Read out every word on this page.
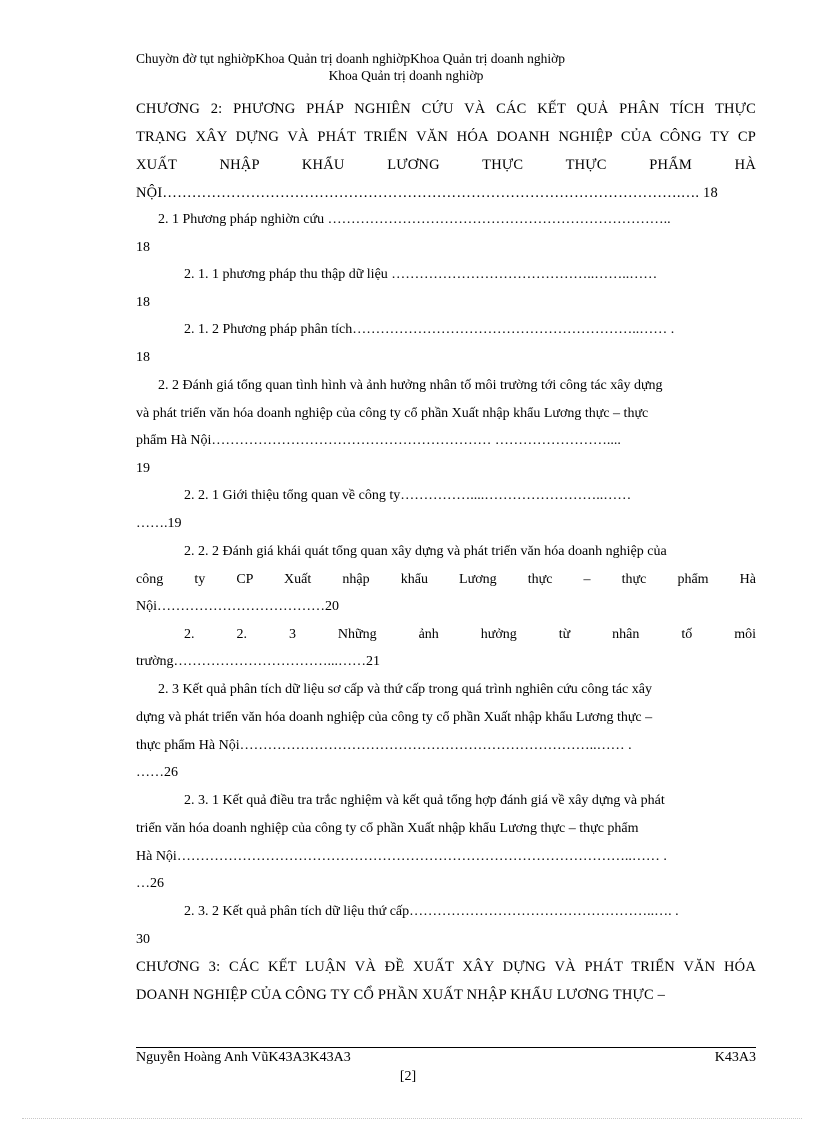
Chuyờn đờ tụt nghiờpKhoa Quản trị doanh nghiờpKhoa Quản trị doanh nghiờp
Khoa Quản trị doanh nghiờp
CHƯƠNG 2: PHƯƠNG PHÁP NGHIÊN CỨU VÀ CÁC KẾT QUẢ PHÂN TÍCH THỰC
TRẠNG XÂY DỰNG VÀ PHÁT TRIỂN VĂN HÓA DOANH NGHIỆP CỦA CÔNG TY CP
XUẤT NHẬP KHẨU LƯƠNG THỰC THỰC PHẨM HÀ
NỘI…………………………………………………………………………………………….…. 18
2. 1 Phương pháp nghiờn cứu ………………………………………………………………..
18
2. 1. 1 phương pháp thu thập dữ liệu ……………………………………..……..……
18
2. 1. 2 Phương pháp phân tích……………………………………………………..…… .
18
2. 2 Đánh giá tổng quan tình hình và ảnh hưởng nhân tố môi trường tới công tác xây dựng
và phát triển văn hóa doanh nghiệp của công ty cổ phần Xuất nhập khẩu Lương thực – thực
phẩm Hà Nội…………………………………………………… ……………………....
19
2. 2. 1 Giới thiệu tổng quan về công ty……………....……………………..……
…….19
2. 2. 2 Đánh giá khái quát tổng quan xây dựng và phát triển văn hóa doanh nghiệp của
công ty CP Xuất nhập khẩu Lương thực – thực phẩm Hà
Nội………………………………20
2. 2. 3 Những ảnh hưởng từ nhân tố môi
trường……………………………...……21
2. 3 Kết quả phân tích dữ liệu sơ cấp và thứ cấp trong quá trình nghiên cứu công tác xây
dựng và phát triển văn hóa doanh nghiệp của công ty cổ phần Xuất nhập khẩu Lương thực –
thực phẩm Hà Nội…………………………………………………………………..…… .
……26
2. 3. 1 Kết quả điều tra trắc nghiệm và kết quả tổng hợp đánh giá về xây dựng và phát
triển văn hóa doanh nghiệp của công ty cổ phần Xuất nhập khẩu Lương thực – thực phẩm
Hà Nội……………………………………………………………………………………..…… .
…26
2. 3. 2 Kết quả phân tích dữ liệu thứ cấp……………………………………………..…. .
30
CHƯƠNG 3: CÁC KẾT LUẬN VÀ ĐỀ XUẤT XÂY DỰNG VÀ PHÁT TRIỂN VĂN HÓA
DOANH NGHIỆP CỦA CÔNG TY CỔ PHẦN XUẤT NHẬP KHẨU LƯƠNG THỰC –
Nguyễn Hoàng Anh VũK43A3K43A3	K43A3
[2]
